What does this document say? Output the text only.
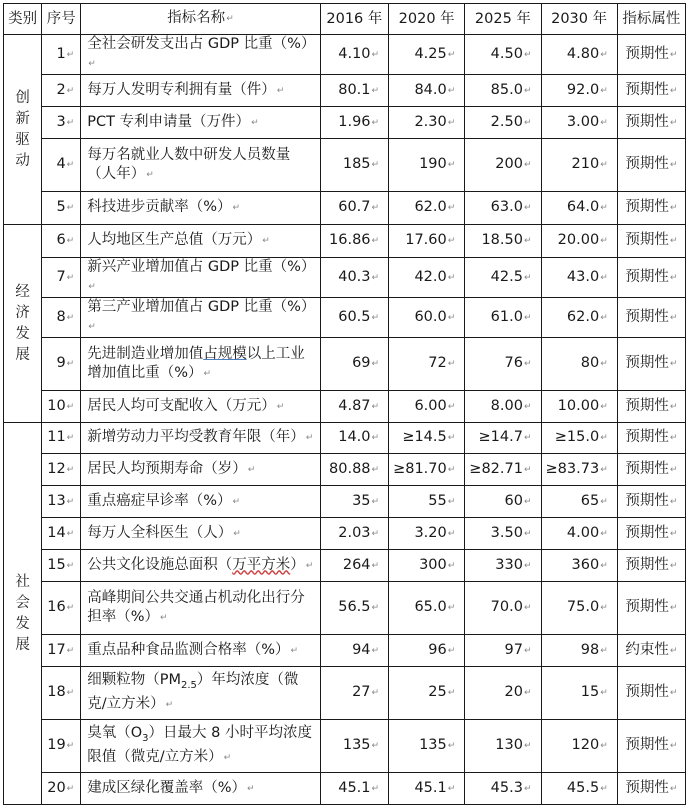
类别	序号	指标名称 ↵	2016 年	2020 年	2025 年	2030 年	指标属性

创新驱动	1 ↵	全社会研发支出占 GDP 比重（%） ↵	4.10 ↵	4.25 ↵	4.50 ↵	4.80 ↵	预期性 ↵
	2 ↵	每万人发明专利拥有量（件） ↵	80.1 ↵	84.0 ↵	85.0 ↵	92.0 ↵	预期性 ↵
	3 ↵	PCT 专利申请量（万件） ↵	1.96 ↵	2.30 ↵	2.50 ↵	3.00 ↵	预期性 ↵
	4 ↵	每万名就业人数中研发人员数量（人年） ↵	185 ↵	190 ↵	200 ↵	210 ↵	预期性 ↵
	5 ↵	科技进步贡献率（%） ↵	60.7 ↵	62.0 ↵	63.0 ↵	64.0 ↵	预期性 ↵

经济发展	6 ↵	人均地区生产总值（万元） ↵	16.86 ↵	17.60 ↵	18.50 ↵	20.00 ↵	预期性 ↵
	7 ↵	新兴产业增加值占 GDP 比重（%） ↵	40.3 ↵	42.0 ↵	42.5 ↵	43.0 ↵	预期性 ↵
	8 ↵	第三产业增加值占 GDP 比重（%） ↵	60.5 ↵	60.0 ↵	61.0 ↵	62.0 ↵	预期性 ↵
	9 ↵	先进制造业增加值占规模以上工业增加值比重（%） ↵	69 ↵	72 ↵	76 ↵	80 ↵	预期性 ↵
	10 ↵	居民人均可支配收入（万元） ↵	4.87 ↵	6.00 ↵	8.00 ↵	10.00 ↵	预期性 ↵

社会发展	11 ↵	新增劳动力平均受教育年限（年） ↵	14.0 ↵	≥14.5 ↵	≥14.7 ↵	≥15.0 ↵	预期性 ↵
	12 ↵	居民人均预期寿命（岁） ↵	80.88 ↵	≥81.70 ↵	≥82.71 ↵	≥83.73 ↵	预期性 ↵
	13 ↵	重点癌症早诊率（%） ↵	35 ↵	55 ↵	60 ↵	65 ↵	预期性 ↵
	14 ↵	每万人全科医生（人） ↵	2.03 ↵	3.20 ↵	3.50 ↵	4.00 ↵	预期性 ↵
	15 ↵	公共文化设施总面积（万平方米） ↵	264 ↵	300 ↵	330 ↵	360 ↵	预期性 ↵
	16 ↵	高峰期间公共交通占机动化出行分担率（%） ↵	56.5 ↵	65.0 ↵	70.0 ↵	75.0 ↵	预期性 ↵
	17 ↵	重点品种食品监测合格率（%） ↵	94 ↵	96 ↵	97 ↵	98 ↵	约束性 ↵
	18 ↵	细颗粒物$(PM_{2.5})$年均浓度（微克/立方米） ↵	27 ↵	25 ↵	20 ↵	15 ↵	预期性 ↵
	19 ↵	臭氧$(O_3)$日最大 8 小时平均浓度限值（微克/立方米） ↵	135 ↵	135 ↵	130 ↵	120 ↵	预期性 ↵
	20 ↵	建成区绿化覆盖率（%） ↵	45.1 ↵	45.1 ↵	45.3 ↵	45.5 ↵	预期性 ↵
